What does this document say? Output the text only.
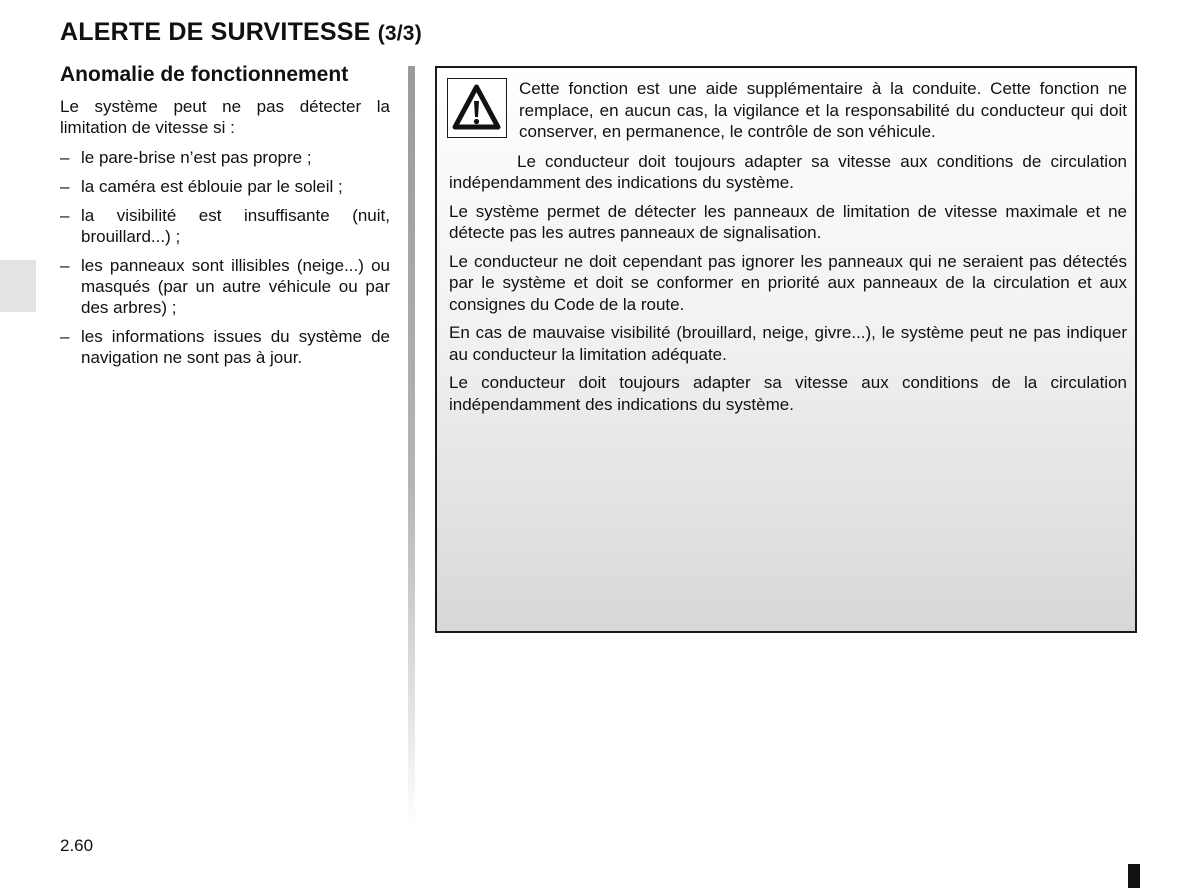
ALERTE DE SURVITESSE (3/3)
Anomalie de fonctionnement

Le système peut ne pas détecter la limitation de vitesse si :

– le pare-brise n’est pas propre ;
– la caméra est éblouie par le soleil ;
– la visibilité est insuffisante (nuit, brouillard...) ;
– les panneaux sont illisibles (neige...) ou masqués (par un autre véhicule ou par des arbres) ;
– les informations issues du système de navigation ne sont pas à jour.

Cette fonction est une aide supplémentaire à la conduite. Cette fonction ne remplace, en aucun cas, la vigilance et la responsabilité du conducteur qui doit conserver, en permanence, le contrôle de son véhicule.

Le conducteur doit toujours adapter sa vitesse aux conditions de circulation indépendamment des indications du système.

Le système permet de détecter les panneaux de limitation de vitesse maximale et ne détecte pas les autres panneaux de signalisation.

Le conducteur ne doit cependant pas ignorer les panneaux qui ne seraient pas détectés par le système et doit se conformer en priorité aux panneaux de la circulation et aux consignes du Code de la route.

En cas de mauvaise visibilité (brouillard, neige, givre...), le système peut ne pas indiquer au conducteur la limitation adéquate.

Le conducteur doit toujours adapter sa vitesse aux conditions de la circulation indépendamment des indications du système.

2.60
